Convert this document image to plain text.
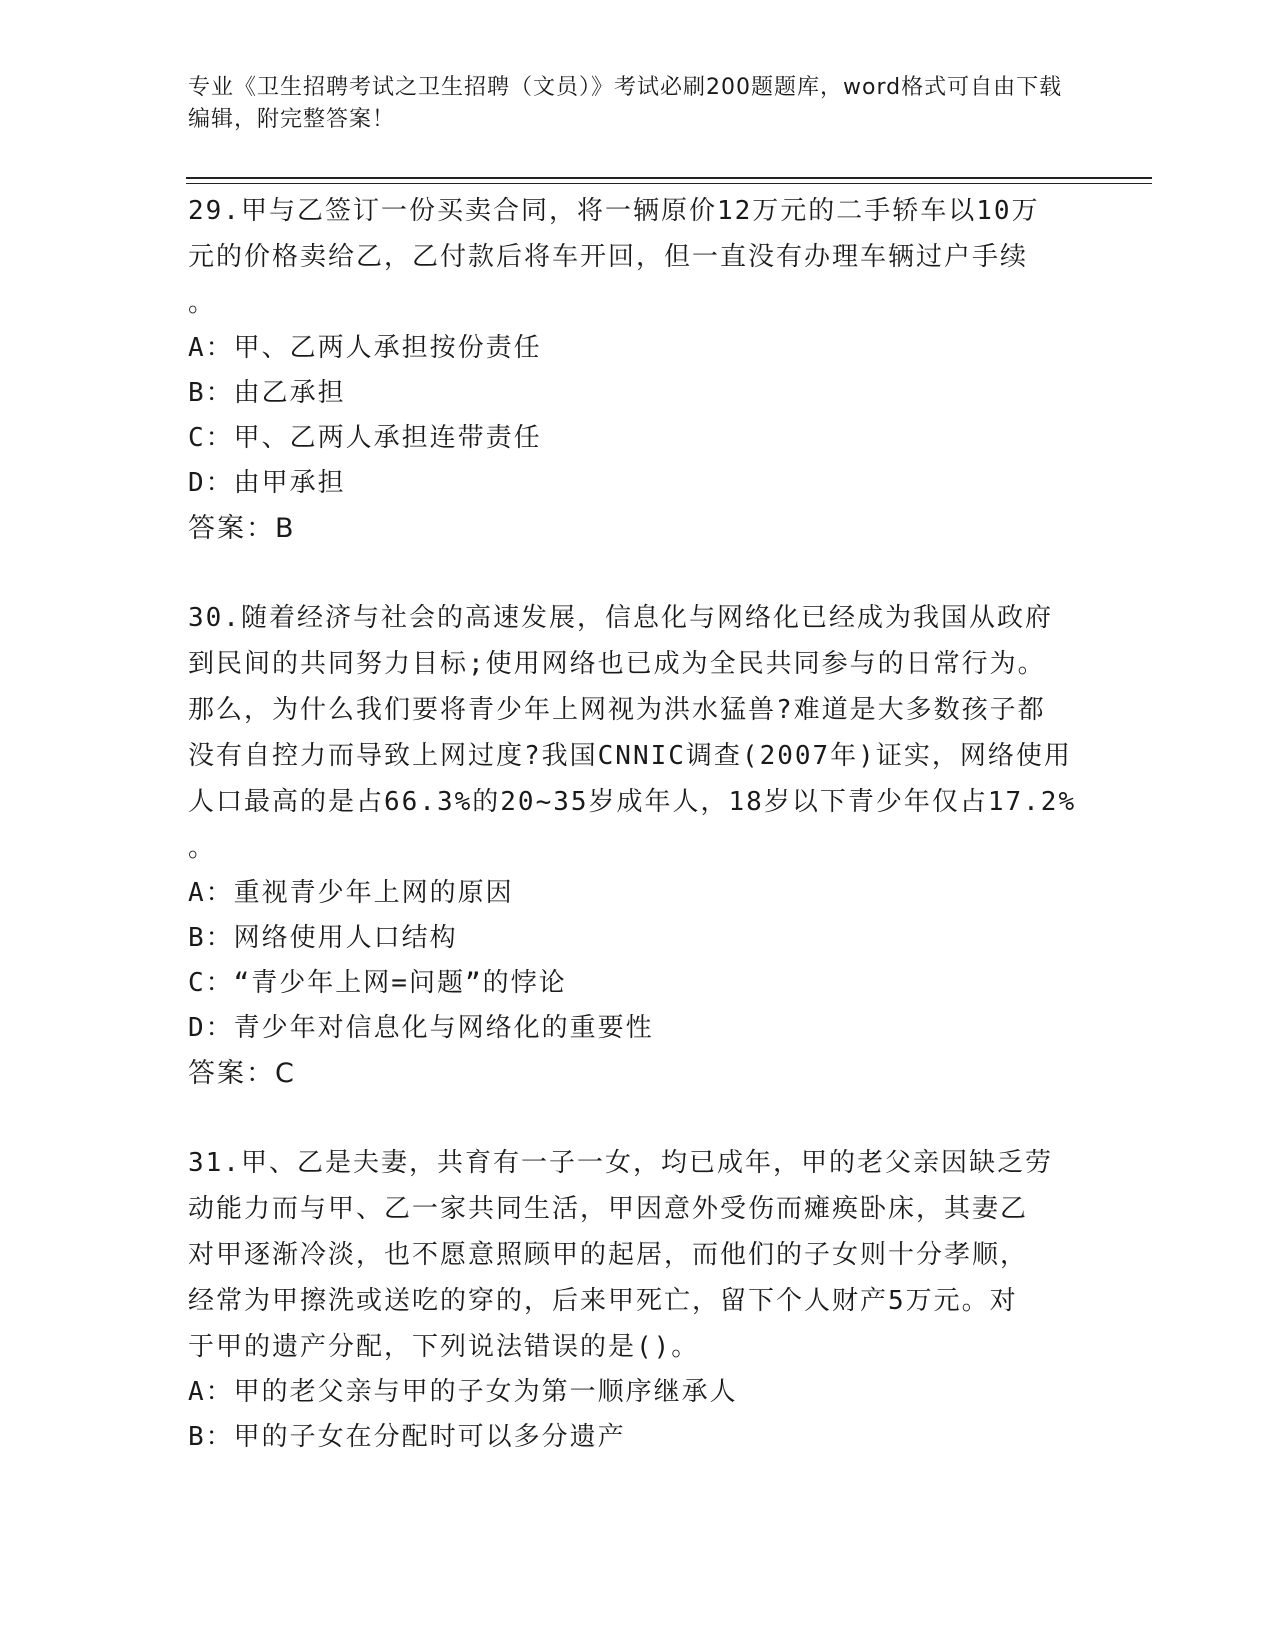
专业《卫生招聘考试之卫生招聘（文员）》考试必刷200题题库，word格式可自由下载编辑，附完整答案！

29.甲与乙签订一份买卖合同，将一辆原价12万元的二手轿车以10万
元的价格卖给乙，乙付款后将车开回，但一直没有办理车辆过户手续
。

A：甲、乙两人承担按份责任

B：由乙承担

C：甲、乙两人承担连带责任

D：由甲承担

答案：B

30.随着经济与社会的高速发展，信息化与网络化已经成为我国从政府
到民间的共同努力目标;使用网络也已成为全民共同参与的日常行为。
那么，为什么我们要将青少年上网视为洪水猛兽?难道是大多数孩子都
没有自控力而导致上网过度?我国CNNIC调查(2007年)证实，网络使用
人口最高的是占66.3%的20~35岁成年人，18岁以下青少年仅占17.2%
。

A：重视青少年上网的原因

B：网络使用人口结构

C：“青少年上网=问题”的悖论

D：青少年对信息化与网络化的重要性

答案：C

31.甲、乙是夫妻，共育有一子一女，均已成年，甲的老父亲因缺乏劳
动能力而与甲、乙一家共同生活，甲因意外受伤而瘫痪卧床，其妻乙
对甲逐渐冷淡，也不愿意照顾甲的起居，而他们的子女则十分孝顺，
经常为甲擦洗或送吃的穿的，后来甲死亡，留下个人财产5万元。对
于甲的遗产分配，下列说法错误的是()。

A：甲的老父亲与甲的子女为第一顺序继承人

B：甲的子女在分配时可以多分遗产
